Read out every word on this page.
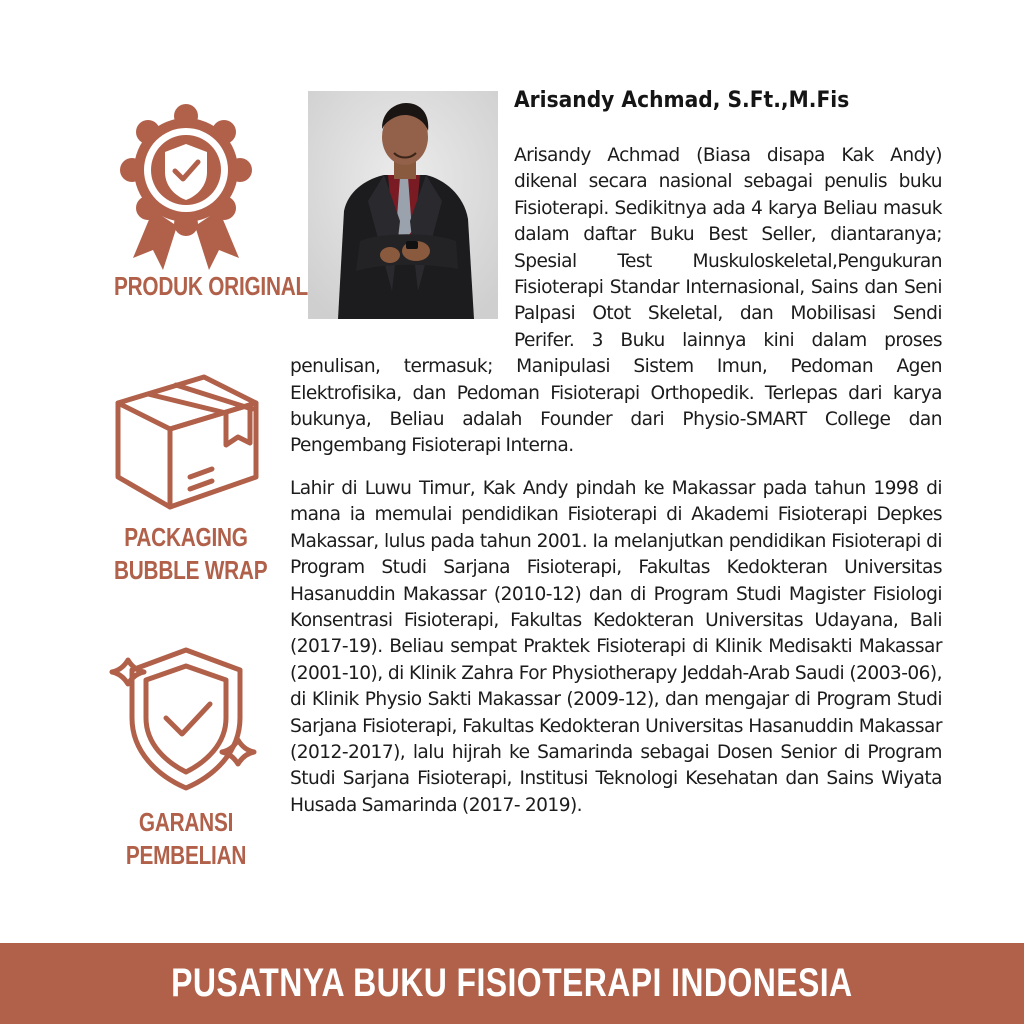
PRODUK ORIGINAL
PACKAGING
BUBBLE WRAP
GARANSI
PEMBELIAN
Arisandy Achmad, S.Ft.,M.Fis

Arisandy Achmad (Biasa disapa Kak Andy) dikenal secara nasional sebagai penulis buku Fisioterapi. Sedikitnya ada 4 karya Beliau masuk dalam daftar Buku Best Seller, diantaranya; Spesial Test Muskuloskeletal,Pengukuran Fisioterapi Standar Internasional, Sains dan Seni Palpasi Otot Skeletal, dan Mobilisasi Sendi Perifer. 3 Buku lainnya kini dalam proses penulisan, termasuk; Manipulasi Sistem Imun, Pedoman Agen Elektrofisika, dan Pedoman Fisioterapi Orthopedik. Terlepas dari karya bukunya, Beliau adalah Founder dari Physio-SMART College dan Pengembang Fisioterapi Interna.

Lahir di Luwu Timur, Kak Andy pindah ke Makassar pada tahun 1998 di mana ia memulai pendidikan Fisioterapi di Akademi Fisioterapi Depkes Makassar, lulus pada tahun 2001. Ia melanjutkan pendidikan Fisioterapi di Program Studi Sarjana Fisioterapi, Fakultas Kedokteran Universitas Hasanuddin Makassar (2010-12) dan di Program Studi Magister Fisiologi Konsentrasi Fisioterapi, Fakultas Kedokteran Universitas Udayana, Bali (2017-19). Beliau sempat Praktek Fisioterapi di Klinik Medisakti Makassar (2001-10), di Klinik Zahra For Physiotherapy Jeddah-Arab Saudi (2003-06), di Klinik Physio Sakti Makassar (2009-12), dan mengajar di Program Studi Sarjana Fisioterapi, Fakultas Kedokteran Universitas Hasanuddin Makassar (2012-2017), lalu hijrah ke Samarinda sebagai Dosen Senior di Program Studi Sarjana Fisioterapi, Institusi Teknologi Kesehatan dan Sains Wiyata Husada Samarinda (2017- 2019).

PUSATNYA BUKU FISIOTERAPI INDONESIA
